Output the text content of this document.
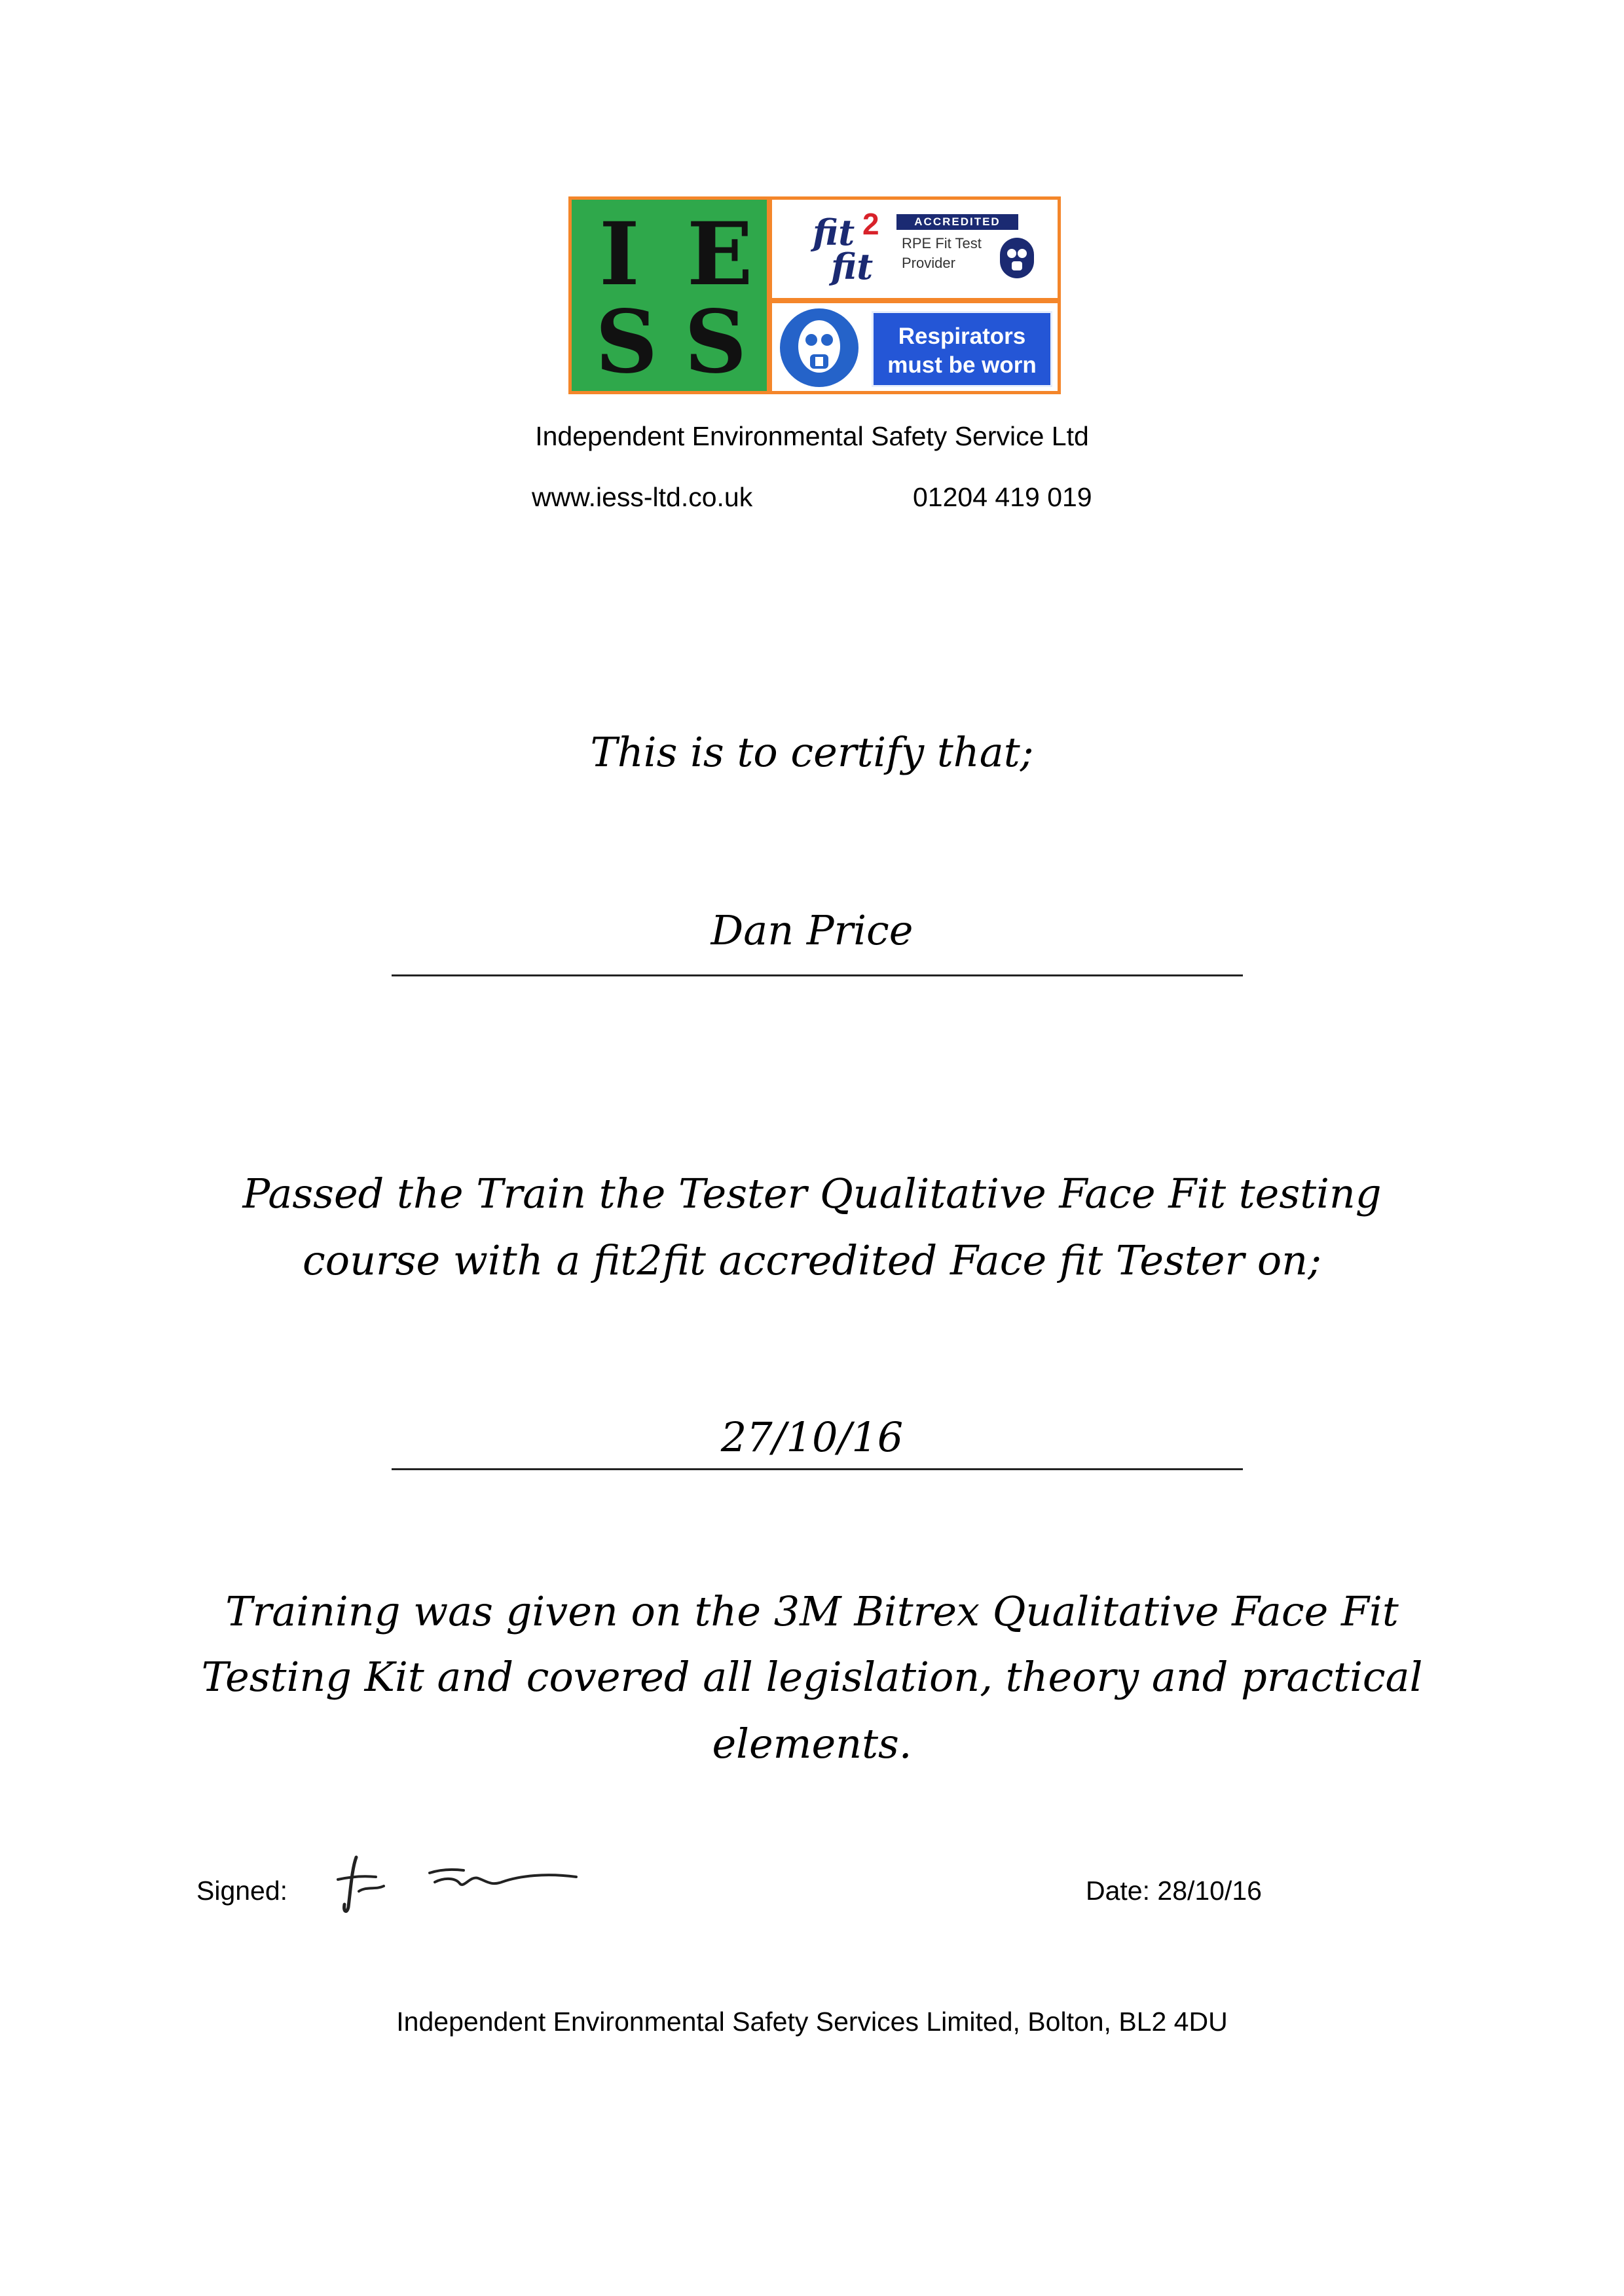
I E
S S
fit 2
fit
ACCREDITED
RPE Fit Test Provider
Respirators must be worn
Independent Environmental Safety Service Ltd
www.iess-ltd.co.uk	01204 419 019
This is to certify that;
Dan Price
Passed the Train the Tester Qualitative Face Fit testing
course with a fit2fit accredited Face fit Tester on;
27/10/16
Training was given on the 3M Bitrex Qualitative Face Fit
Testing Kit and covered all legislation, theory and practical
elements.
Signed:	Date: 28/10/16
Independent Environmental Safety Services Limited, Bolton, BL2 4DU
